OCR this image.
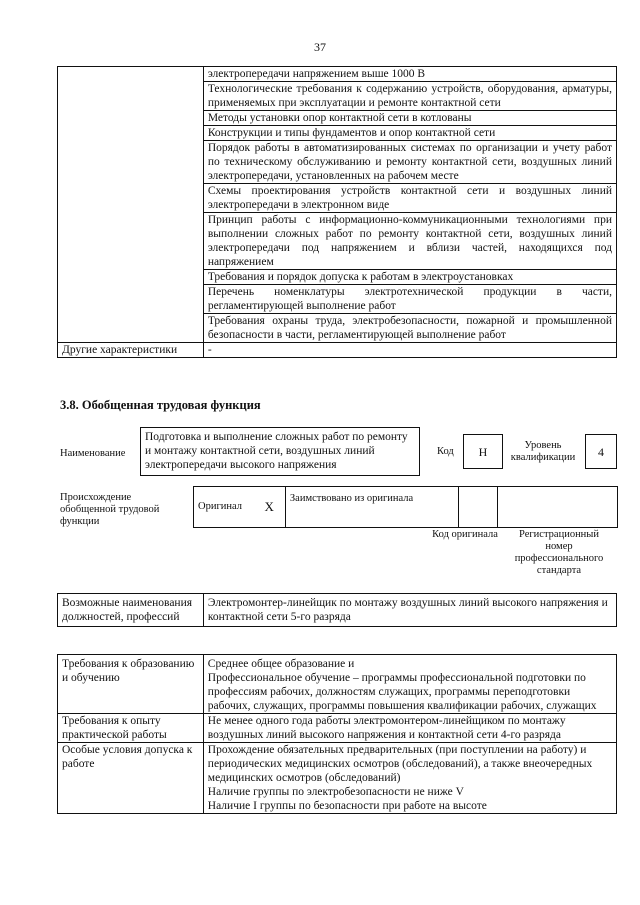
37
	электропередачи напряжением выше 1000 В
	Технологические требования к содержанию устройств, оборудования, арматуры, применяемых при эксплуатации и ремонте контактной сети
	Методы установки опор контактной сети в котлованы
	Конструкции и типы фундаментов и опор контактной сети
	Порядок работы в автоматизированных системах по организации и учету работ по техническому обслуживанию и ремонту контактной сети, воздушных линий электропередачи, установленных на рабочем месте
	Схемы проектирования устройств контактной сети и воздушных линий электропередачи в электронном виде
	Принцип работы с информационно-коммуникационными технологиями при выполнении сложных работ по ремонту контактной сети, воздушных линий электропередачи под напряжением и вблизи частей, находящихся под напряжением
	Требования и порядок допуска к работам в электроустановках
	Перечень номенклатуры электротехнической продукции в части, регламентирующей выполнение работ
	Требования охраны труда, электробезопасности, пожарной и промышленной безопасности в части, регламентирующей выполнение работ
Другие характеристики	-
3.8. Обобщенная трудовая функция
Наименование
Подготовка и выполнение сложных работ по ремонту и монтажу контактной сети, воздушных линий электропередачи высокого напряжения
Код	H	Уровень квалификации	4
Происхождение обобщенной трудовой функции
Оригинал	X	Заимствовано из оригинала		
Код оригинала	Регистрационный номер профессионального стандарта
Возможные наименования должностей, профессий	Электромонтер-линейщик по монтажу воздушных линий высокого напряжения и контактной сети 5-го разряда
Требования к образованию и обучению	Среднее общее образование и
Профессиональное обучение – программы профессиональной подготовки по профессиям рабочих, должностям служащих, программы переподготовки рабочих, служащих, программы повышения квалификации рабочих, служащих

Требования к опыту практической работы	Не менее одного года работы электромонтером-линейщиком по монтажу воздушных линий высокого напряжения и контактной сети 4-го разряда

Особые условия допуска к работе	Прохождение обязательных предварительных (при поступлении на работу) и периодических медицинских осмотров (обследований), а также внеочередных медицинских осмотров (обследований)
Наличие группы по электробезопасности не ниже V
Наличие I группы по безопасности при работе на высоте
